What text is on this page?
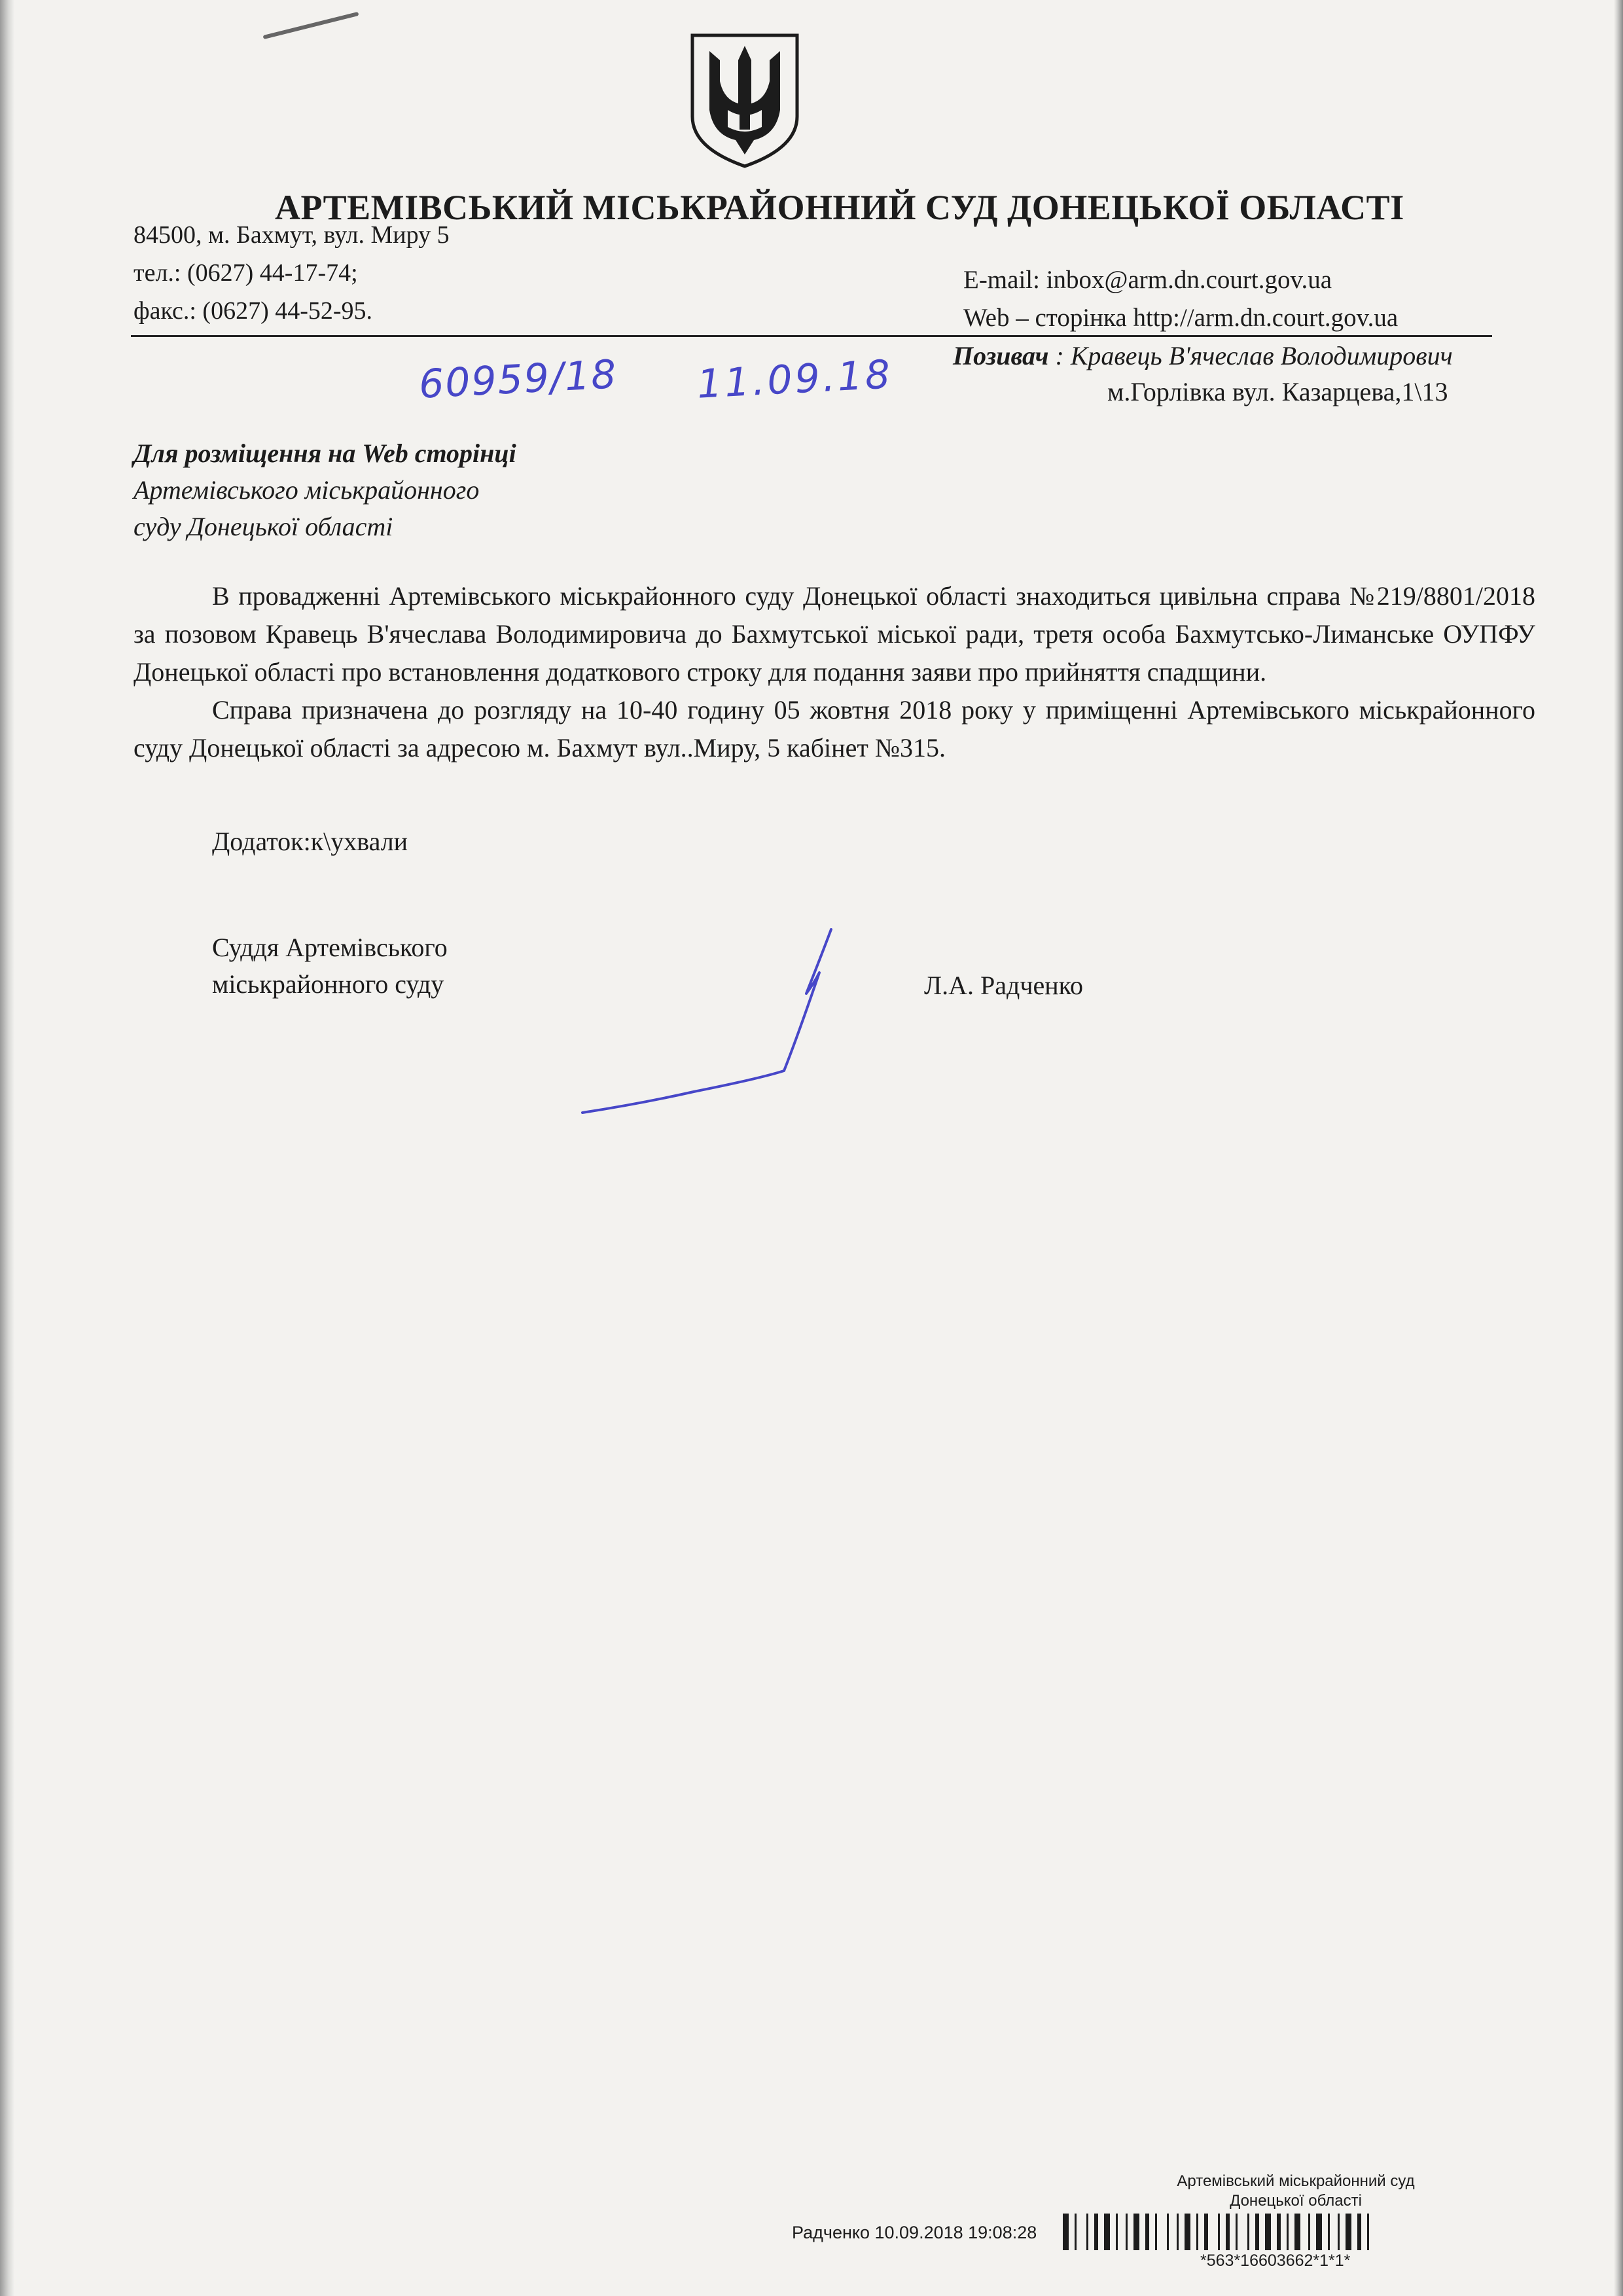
АРТЕМІВСЬКИЙ МІСЬКРАЙОННИЙ СУД ДОНЕЦЬКОЇ ОБЛАСТІ
84500, м. Бахмут, вул. Миру 5
тел.: (0627) 44-17-74;
факс.: (0627) 44-52-95.
E-mail: inbox@arm.dn.court.gov.ua
Web – сторінка http://arm.dn.court.gov.ua
60959/18 11.09.18 Позивач : Кравець В'ячеслав Володимирович
м.Горлівка вул. Казарцева,1\13
Для розміщення на Web сторінці
Артемівського міськрайонного
суду Донецької області

В провадженні Артемівського міськрайонного суду Донецької області знаходиться цивільна справа №219/8801/2018 за позовом Кравець В'ячеслава Володимировича до Бахмутської міської ради, третя особа Бахмутсько-Лиманське ОУПФУ Донецької області про встановлення додаткового строку для подання заяви про прийняття спадщини.

Справа призначена до розгляду на 10-40 годину 05 жовтня 2018 року у приміщенні Артемівського міськрайонного суду Донецької області за адресою м. Бахмут вул..Миру, 5 кабінет №315.

Додаток:к\ухвали
Суддя Артемівського
міськрайонного суду	Л.А. Радченко
Артемівський міськрайонний суд
Донецької області
Радченко 10.09.2018 19:08:28
*563*16603662*1*1*
